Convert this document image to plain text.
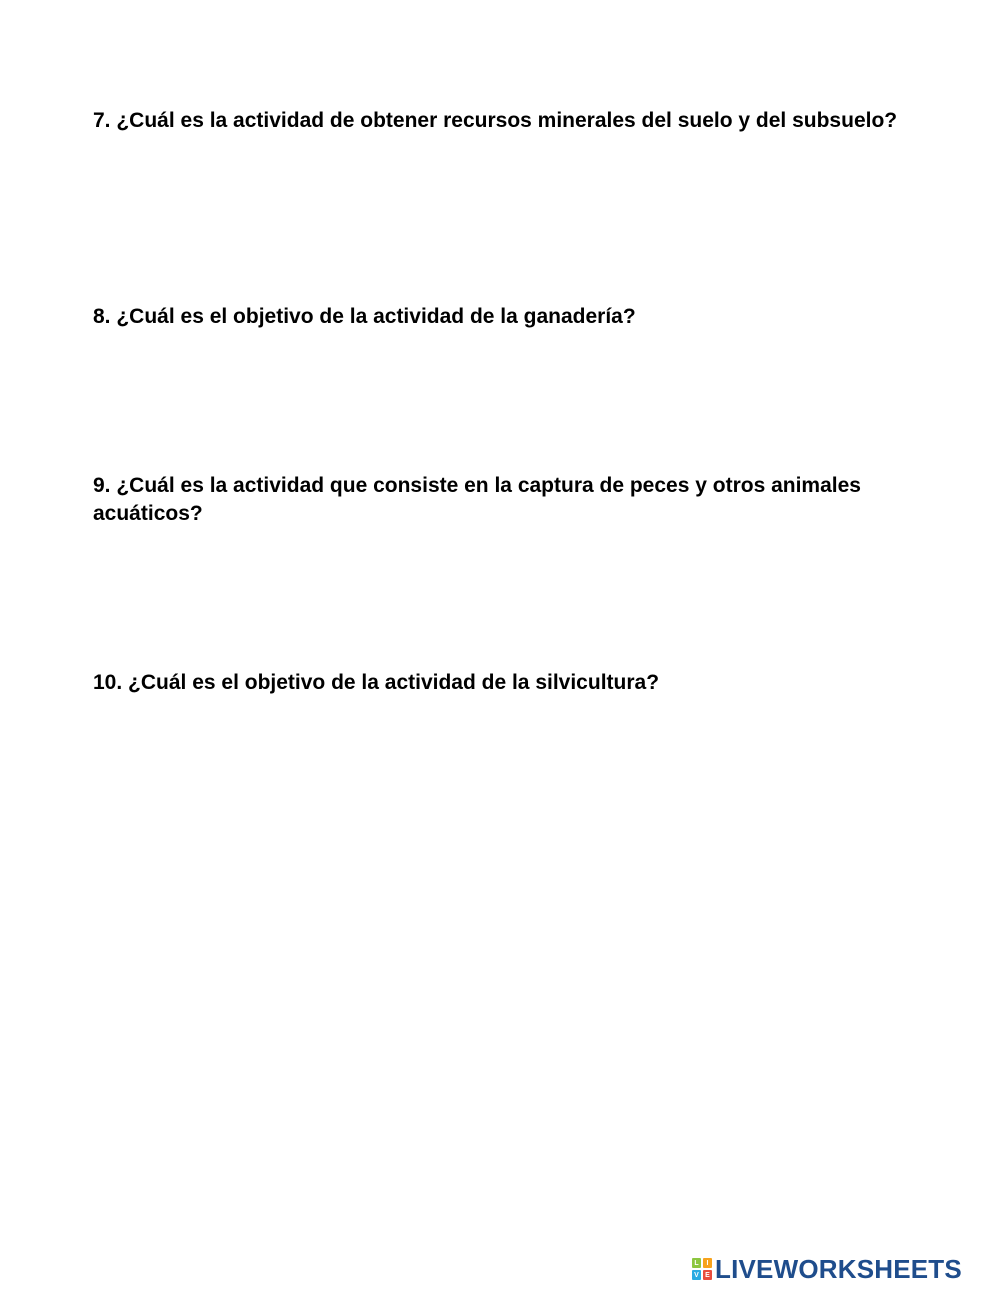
7. ¿Cuál es la actividad de obtener recursos minerales del suelo y del subsuelo?

8. ¿Cuál es el objetivo de la actividad de la ganadería?

9. ¿Cuál es la actividad que consiste en la captura de peces y otros animales acuáticos?

10. ¿Cuál es el objetivo de la actividad de la silvicultura?

L	I
V E LIVEWORKSHEETS
